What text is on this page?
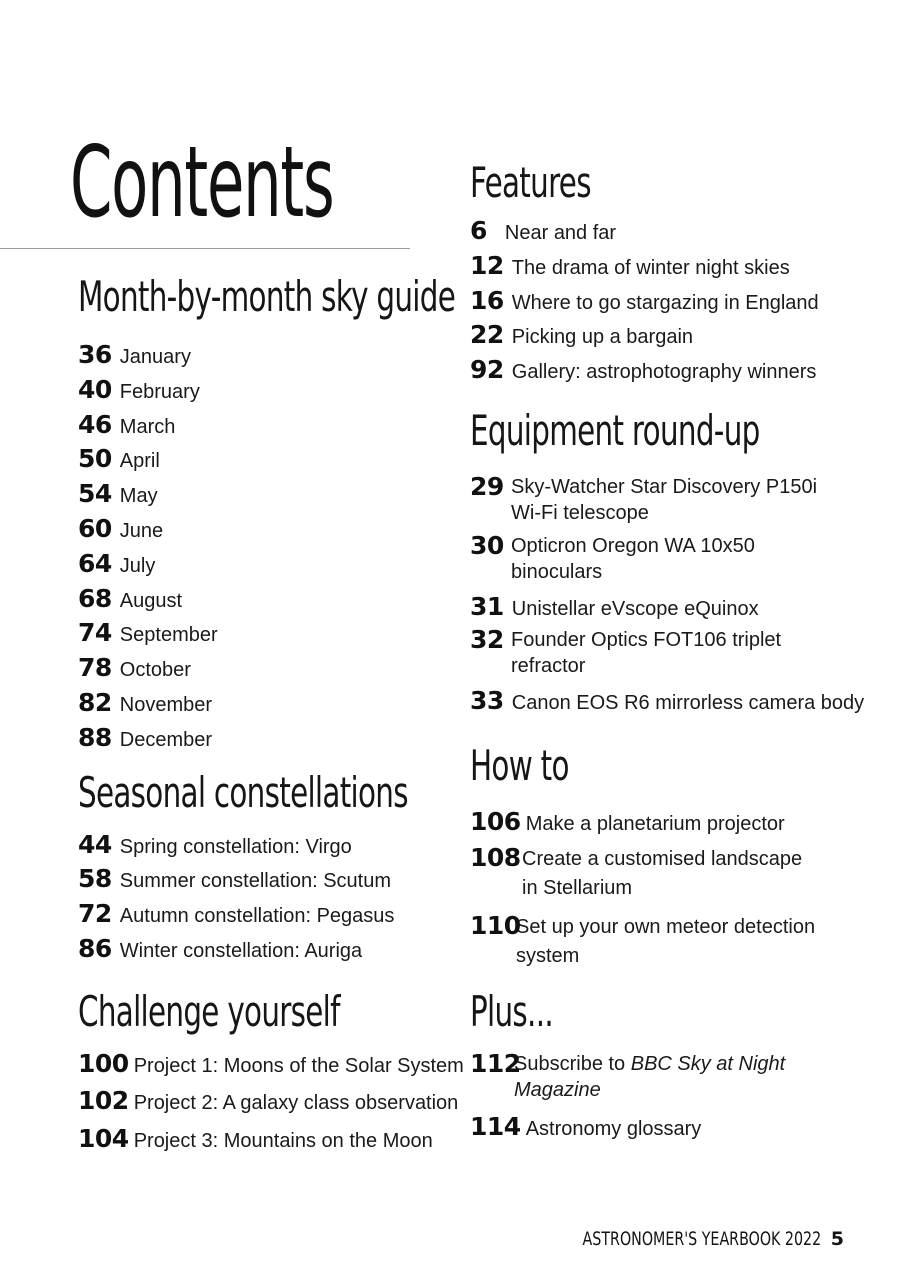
Contents
Month-by-month sky guide
36 January
40 February
46 March
50 April
54 May
60 June
64 July
68 August
74 September
78 October
82 November
88 December
Seasonal constellations
44 Spring constellation: Virgo
58 Summer constellation: Scutum
72 Autumn constellation: Pegasus
86 Winter constellation: Auriga
Challenge yourself
100 Project 1: Moons of the Solar System
102 Project 2: A galaxy class observation
104 Project 3: Mountains on the Moon
Features
6 Near and far
12 The drama of winter night skies
16 Where to go stargazing in England
22 Picking up a bargain
92 Gallery: astrophotography winners
Equipment round-up
29 Sky-Watcher Star Discovery P150i
Wi-Fi telescope
30 Opticron Oregon WA 10x50
binoculars
31 Unistellar eVscope eQuinox
32 Founder Optics FOT106 triplet
refractor
33 Canon EOS R6 mirrorless camera body
How to
106 Make a planetarium projector
108 Create a customised landscape
in Stellarium
110
Set up your own meteor detection
system
Plus...
112
Subscribe to BBC Sky at Night
Magazine
114 Astronomy glossary
ASTRONOMER'S YEARBOOK 2022 5
